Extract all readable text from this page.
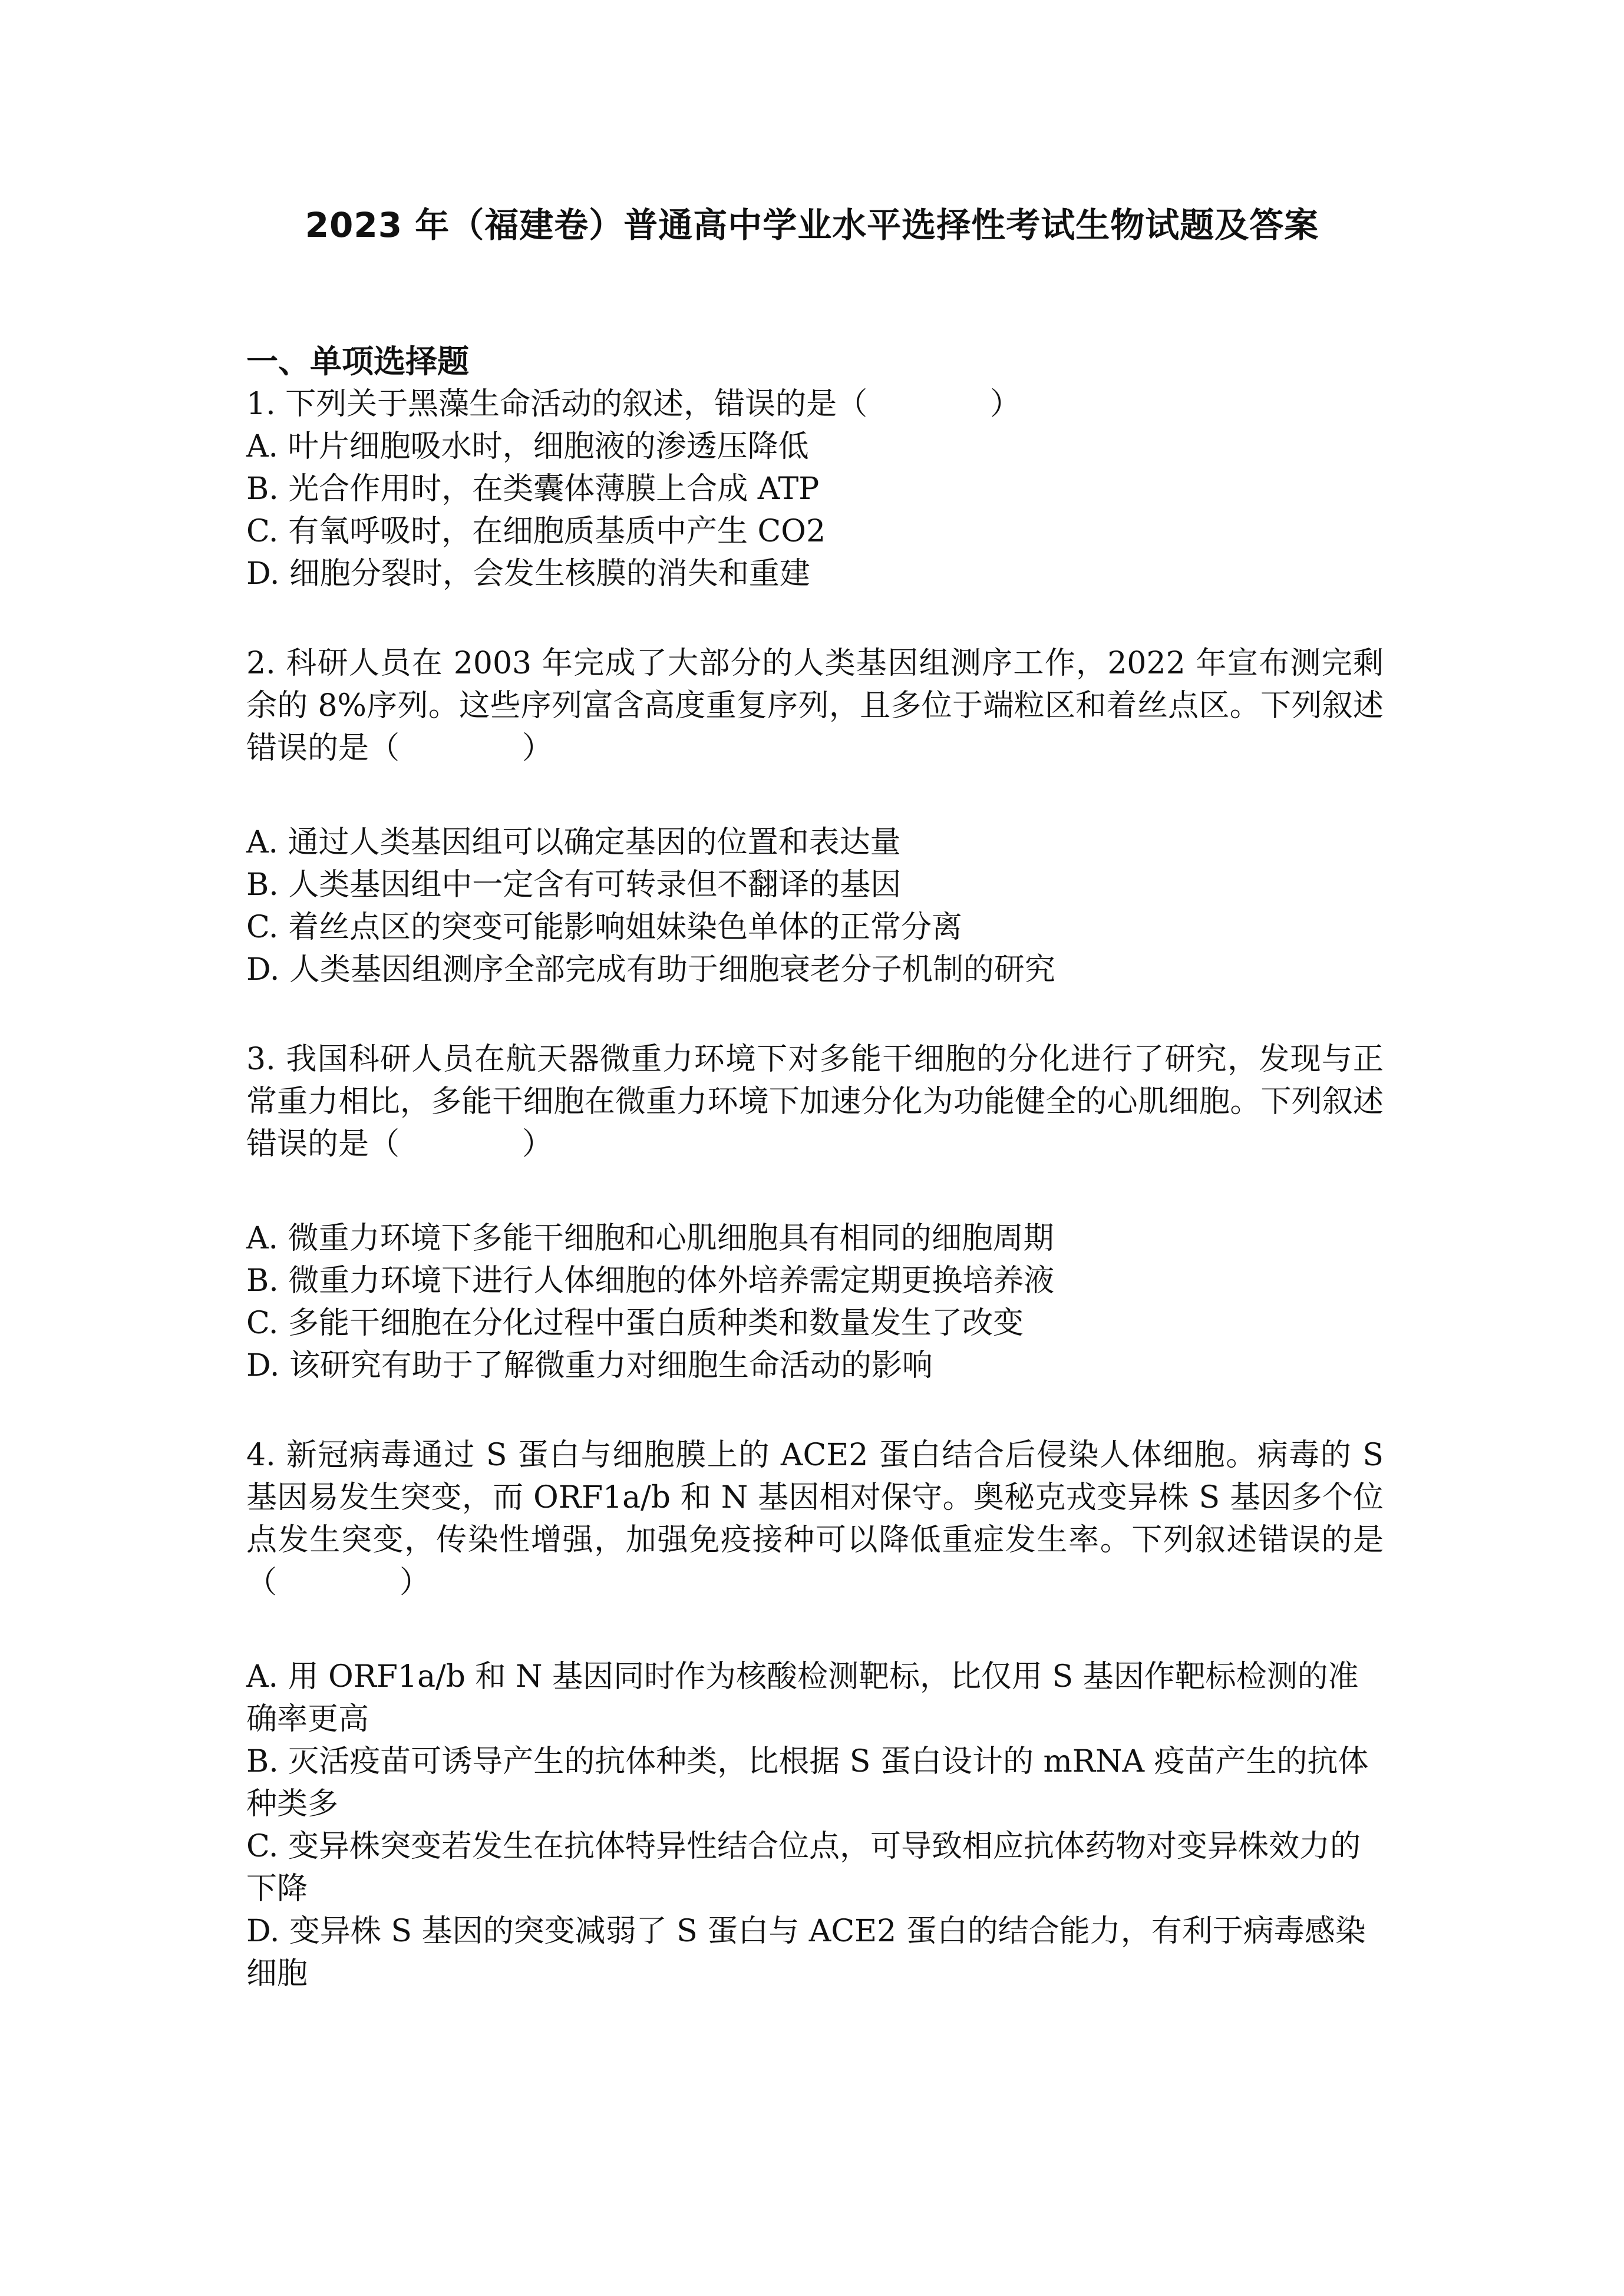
2023 年（福建卷）普通高中学业水平选择性考试生物试题及答案

一、单项选择题

1. 下列关于黑藻生命活动的叙述，错误的是（　　　　）

A. 叶片细胞吸水时，细胞液的渗透压降低
B. 光合作用时，在类囊体薄膜上合成 ATP
C. 有氧呼吸时，在细胞质基质中产生 CO2
D. 细胞分裂时，会发生核膜的消失和重建

2. 科研人员在 2003 年完成了大部分的人类基因组测序工作，2022 年宣布测完剩余的 8%序列。这些序列富含高度重复序列，且多位于端粒区和着丝点区。下列叙述错误的是（　　　　）

A. 通过人类基因组可以确定基因的位置和表达量
B. 人类基因组中一定含有可转录但不翻译的基因
C. 着丝点区的突变可能影响姐妹染色单体的正常分离
D. 人类基因组测序全部完成有助于细胞衰老分子机制的研究

3. 我国科研人员在航天器微重力环境下对多能干细胞的分化进行了研究，发现与正常重力相比，多能干细胞在微重力环境下加速分化为功能健全的心肌细胞。下列叙述错误的是（　　　　）

A. 微重力环境下多能干细胞和心肌细胞具有相同的细胞周期
B. 微重力环境下进行人体细胞的体外培养需定期更换培养液
C. 多能干细胞在分化过程中蛋白质种类和数量发生了改变
D. 该研究有助于了解微重力对细胞生命活动的影响

4. 新冠病毒通过 S 蛋白与细胞膜上的 ACE2 蛋白结合后侵染人体细胞。病毒的 S 基因易发生突变，而 ORF1a/b 和 N 基因相对保守。奥秘克戎变异株 S 基因多个位点发生突变，传染性增强，加强免疫接种可以降低重症发生率。下列叙述错误的是（　　　　）

A. 用 ORF1a/b 和 N 基因同时作为核酸检测靶标，比仅用 S 基因作靶标检测的准确率更高
B. 灭活疫苗可诱导产生的抗体种类，比根据 S 蛋白设计的 mRNA 疫苗产生的抗体种类多
C. 变异株突变若发生在抗体特异性结合位点，可导致相应抗体药物对变异株效力的下降
D. 变异株 S 基因的突变减弱了 S 蛋白与 ACE2 蛋白的结合能力，有利于病毒感染细胞
